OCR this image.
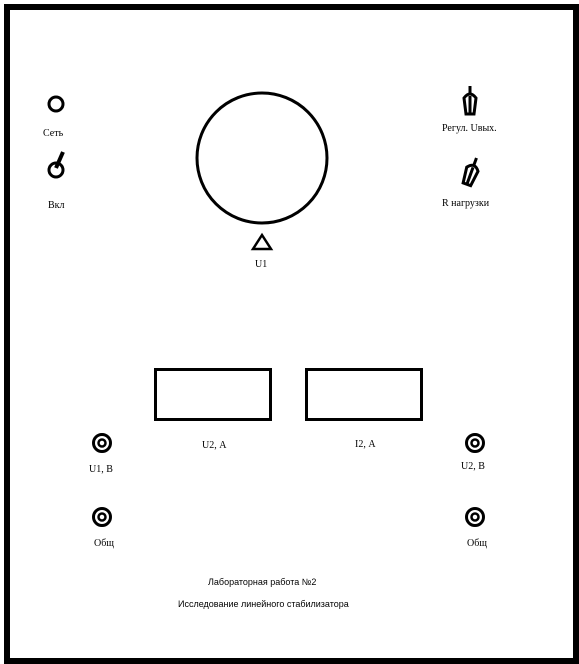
Сеть
Вкл
U1
Регул. Uвых.
R нагрузки
U2, А	I2, А
U1, В
Общ
U2, В
Общ
Лабораторная работа №2
Исследование линейного стабилизатора
